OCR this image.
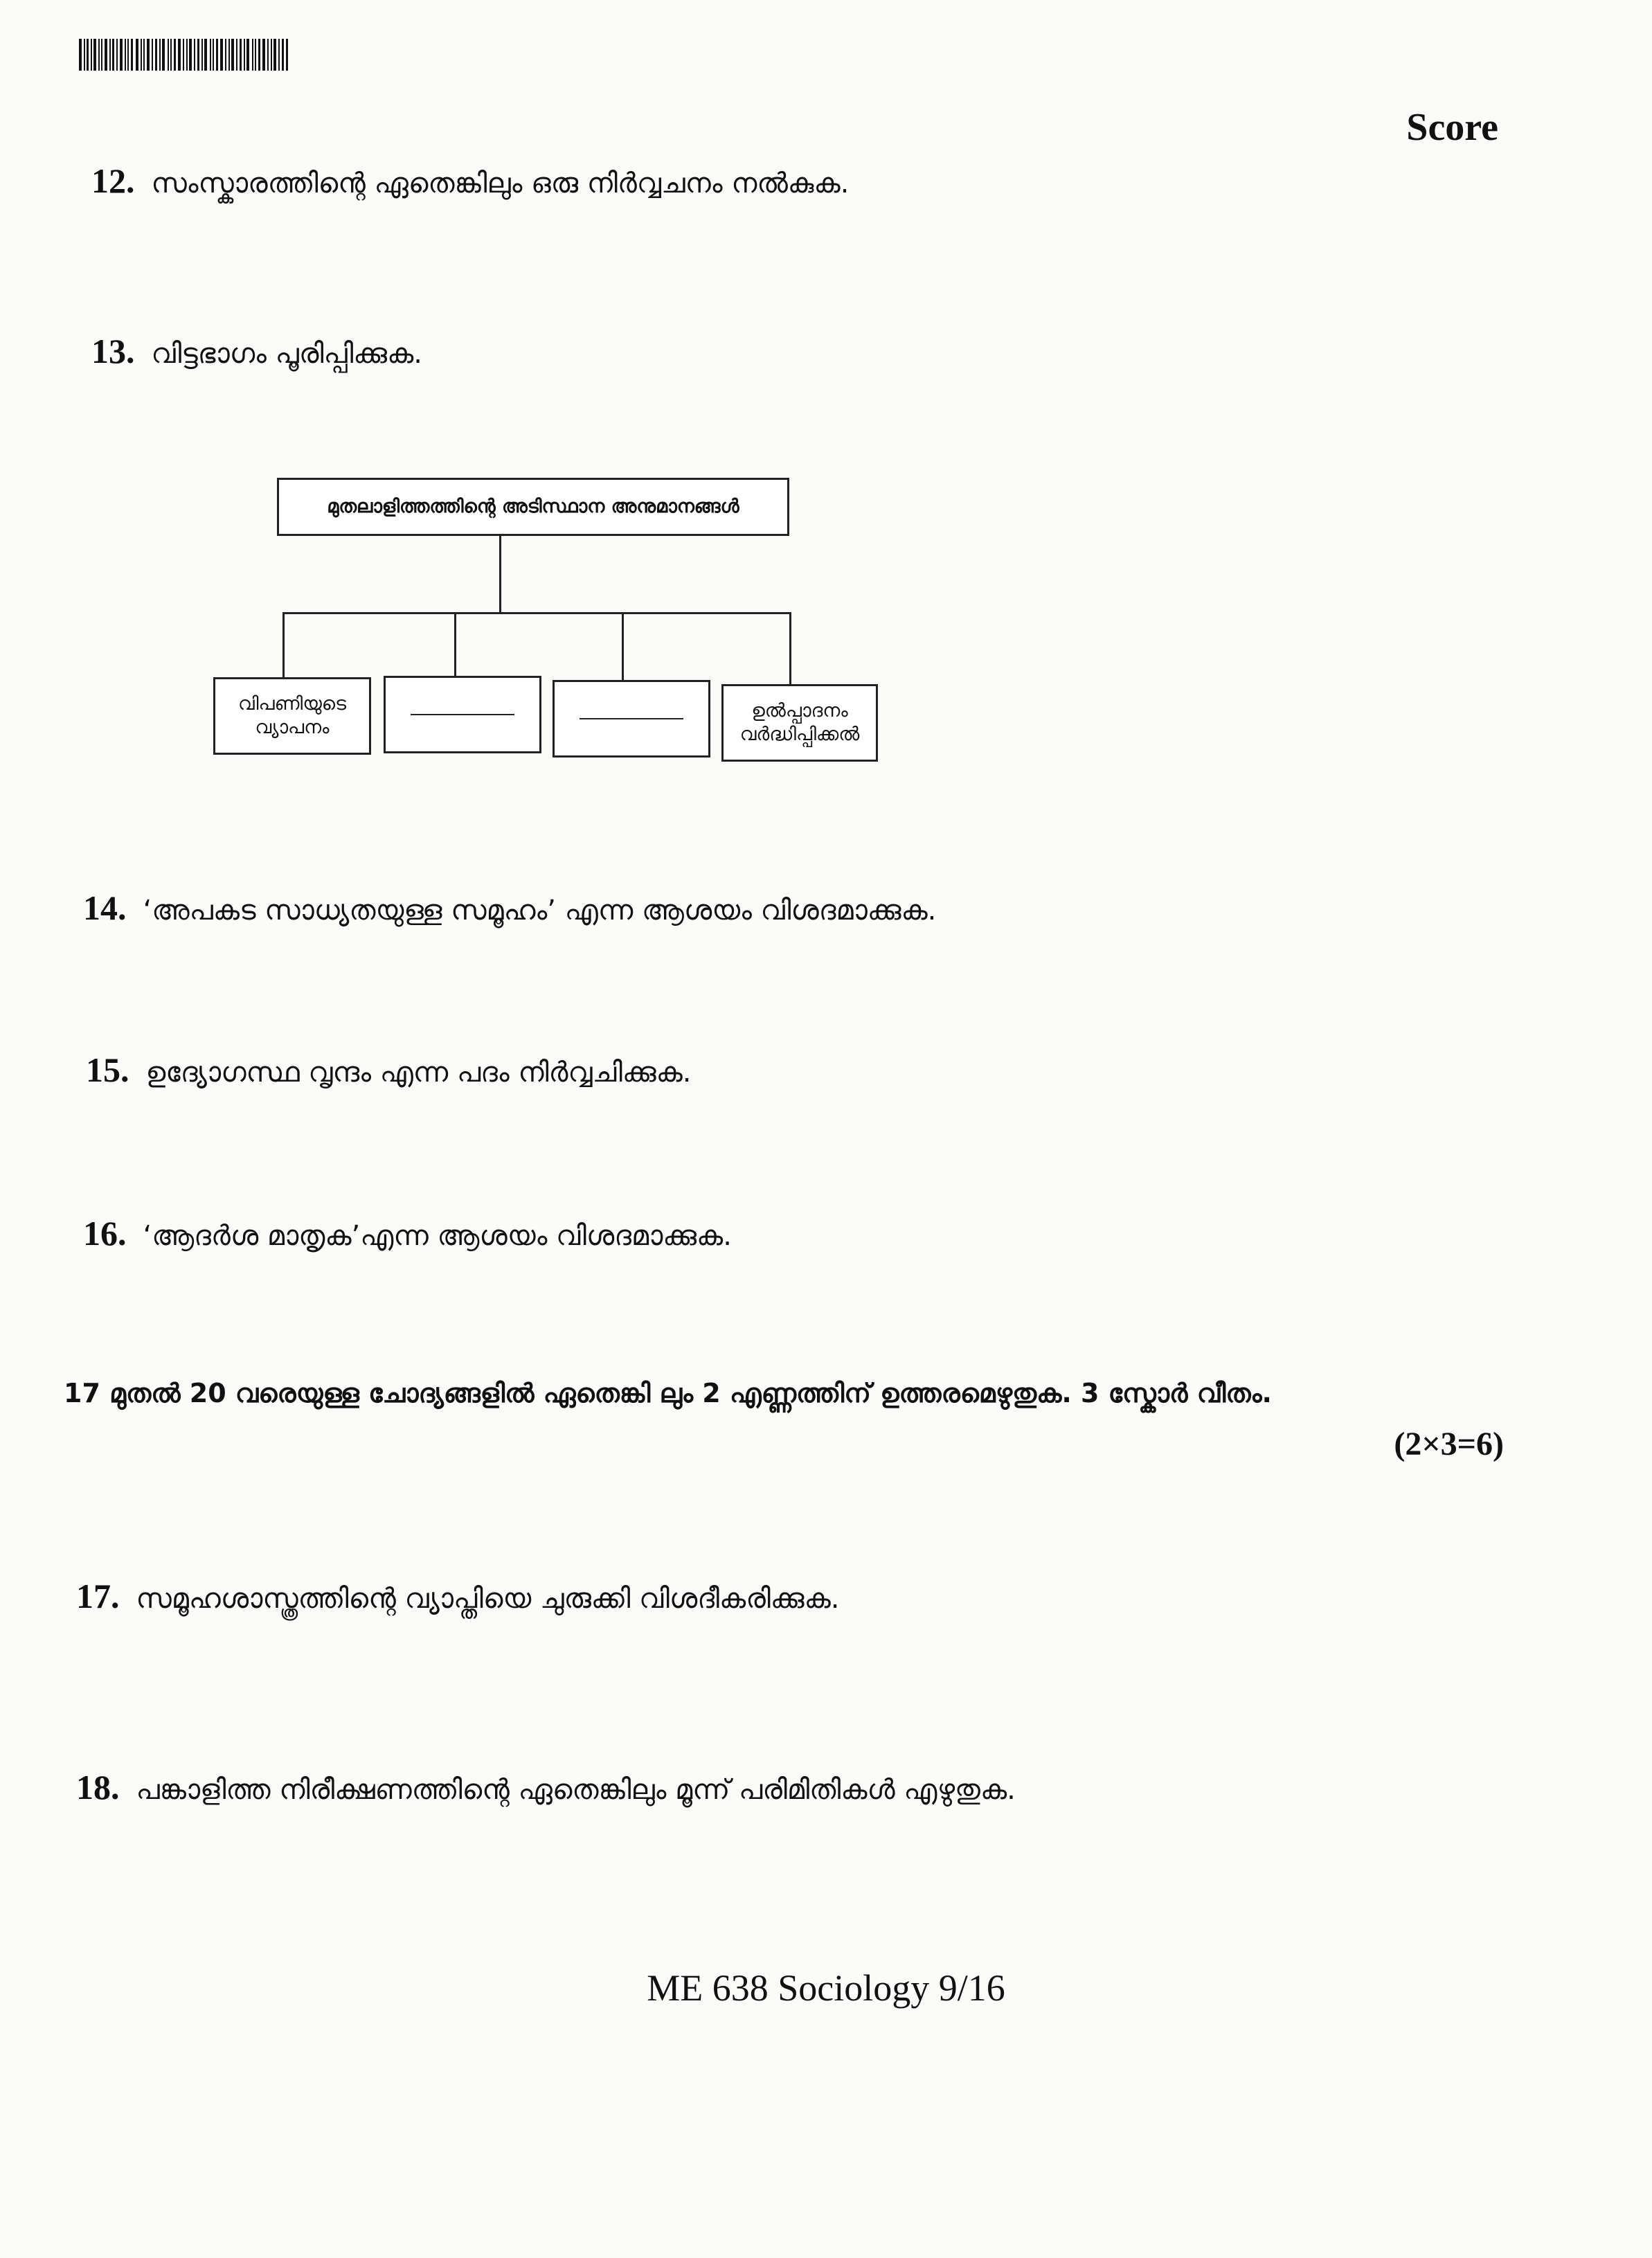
Score
12. സംസ്കാരത്തിന്റെ ഏതെങ്കിലും ഒരു നിർവ്വചനം നൽകുക.
13. വിട്ടഭാഗം പൂരിപ്പിക്കുക.
മുതലാളിത്തത്തിന്റെ അടിസ്ഥാന അനുമാനങ്ങൾ
വിപണിയുടെ
വ്യാപനം
ഉൽപ്പാദനം
വർദ്ധിപ്പിക്കൽ
14. ‘അപകട സാധ്യതയുള്ള സമൂഹം’ എന്ന ആശയം വിശദമാക്കുക.
15. ഉദ്യോഗസ്ഥ വൃന്ദം എന്ന പദം നിർവ്വചിക്കുക.
16. ‘ആദർശ മാതൃക’എന്ന ആശയം വിശദമാക്കുക.
17 മുതൽ 20 വരെയുള്ള ചോദ്യങ്ങളിൽ ഏതെങ്കി ലും 2 എണ്ണത്തിന് ഉത്തരമെഴുതുക. 3 സ്കോർ വീതം.
(2×3=6)
17. സമൂഹശാസ്ത്രത്തിന്റെ വ്യാപ്തിയെ ചുരുക്കി വിശദീകരിക്കുക.
18. പങ്കാളിത്ത നിരീക്ഷണത്തിന്റെ ഏതെങ്കിലും മൂന്ന് പരിമിതികൾ എഴുതുക.
ME 638 Sociology 9/16
